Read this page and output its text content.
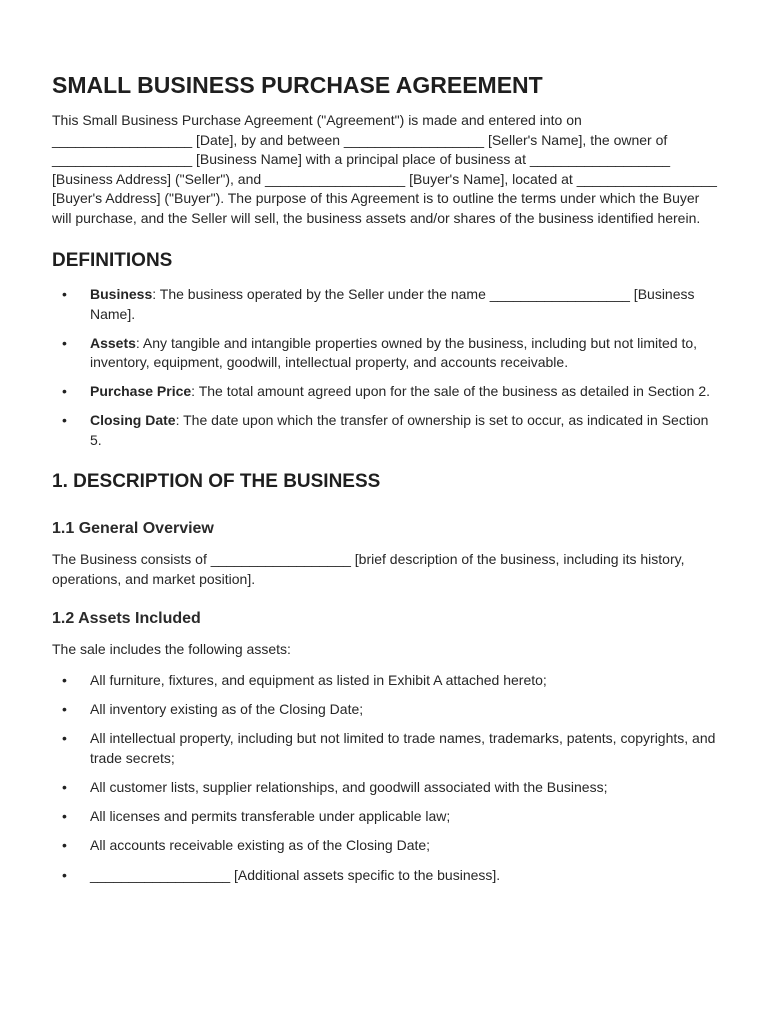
SMALL BUSINESS PURCHASE AGREEMENT

This Small Business Purchase Agreement ("Agreement") is made and entered into on __________________ [Date], by and between __________________ [Seller's Name], the owner of __________________ [Business Name] with a principal place of business at __________________ [Business Address] ("Seller"), and __________________ [Buyer's Name], located at __________________ [Buyer's Address] ("Buyer"). The purpose of this Agreement is to outline the terms under which the Buyer will purchase, and the Seller will sell, the business assets and/or shares of the business identified herein.

DEFINITIONS
• Business: The business operated by the Seller under the name __________________ [Business Name].
• Assets: Any tangible and intangible properties owned by the business, including but not limited to, inventory, equipment, goodwill, intellectual property, and accounts receivable.
• Purchase Price: The total amount agreed upon for the sale of the business as detailed in Section 2.
• Closing Date: The date upon which the transfer of ownership is set to occur, as indicated in Section 5.
1. DESCRIPTION OF THE BUSINESS
1.1 General Overview

The Business consists of __________________ [brief description of the business, including its history, operations, and market position].

1.2 Assets Included

The sale includes the following assets:

• All furniture, fixtures, and equipment as listed in Exhibit A attached hereto;
• All inventory existing as of the Closing Date;
• All intellectual property, including but not limited to trade names, trademarks, patents, copyrights, and trade secrets;
• All customer lists, supplier relationships, and goodwill associated with the Business;
• All licenses and permits transferable under applicable law;
• All accounts receivable existing as of the Closing Date;
• __________________ [Additional assets specific to the business].
